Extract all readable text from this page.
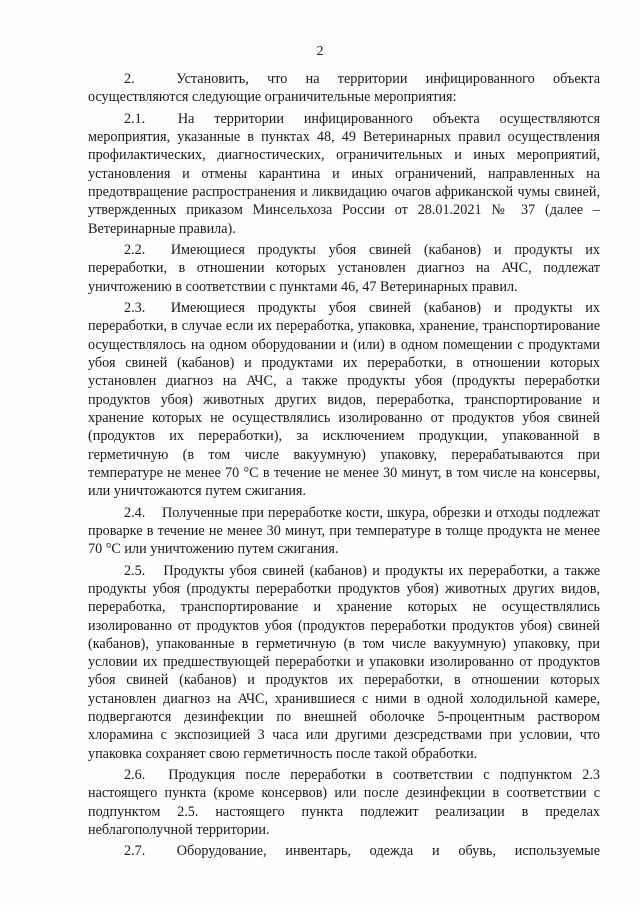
2

2.	Установить, что на территории инфицированного объекта осуществляются следующие ограничительные мероприятия:

2.1. На территории инфицированного объекта осуществляются мероприятия, указанные в пунктах 48, 49 Ветеринарных правил осуществления профилактических, диагностических, ограничительных и иных мероприятий, установления и отмены карантина и иных ограничений, направленных на предотвращение распространения и ликвидацию очагов африканской чумы свиней, утвержденных приказом Минсельхоза России от 28.01.2021 № 37 (далее – Ветеринарные правила).

2.2. Имеющиеся продукты убоя свиней (кабанов) и продукты их переработки, в отношении которых установлен диагноз на АЧС, подлежат уничтожению в соответствии с пунктами 46, 47 Ветеринарных правил.

2.3. Имеющиеся продукты убоя свиней (кабанов) и продукты их переработки, в случае если их переработка, упаковка, хранение, транспортирование осуществлялось на одном оборудовании и (или) в одном помещении с продуктами убоя свиней (кабанов) и продуктами их переработки, в отношении которых установлен диагноз на АЧС, а также продукты убоя (продукты переработки продуктов убоя) животных других видов, переработка, транспортирование и хранение которых не осуществлялись изолированно от продуктов убоя свиней (продуктов их переработки), за исключением продукции, упакованной в герметичную (в том числе вакуумную) упаковку, перерабатываются при температуре не менее 70 °С в течение не менее 30 минут, в том числе на консервы, или уничтожаются путем сжигания.

2.4. Полученные при переработке кости, шкура, обрезки и отходы подлежат проварке в течение не менее 30 минут, при температуре в толще продукта не менее 70 °С или уничтожению путем сжигания.

2.5. Продукты убоя свиней (кабанов) и продукты их переработки, а также продукты убоя (продукты переработки продуктов убоя) животных других видов, переработка, транспортирование и хранение которых не осуществлялись изолированно от продуктов убоя (продуктов переработки продуктов убоя) свиней (кабанов), упакованные в герметичную (в том числе вакуумную) упаковку, при условии их предшествующей переработки и упаковки изолированно от продуктов убоя свиней (кабанов) и продуктов их переработки, в отношении которых установлен диагноз на АЧС, хранившиеся с ними в одной холодильной камере, подвергаются дезинфекции по внешней оболочке 5-процентным раствором хлорамина с экспозицией 3 часа или другими дезсредствами при условии, что упаковка сохраняет свою герметичность после такой обработки.

2.6. Продукция после переработки в соответствии с подпунктом 2.3 настоящего пункта (кроме консервов) или после дезинфекции в соответствии с подпунктом 2.5. настоящего пункта подлежит реализации в пределах неблагополучной территории.

2.7. Оборудование, инвентарь, одежда и обувь, используемые
